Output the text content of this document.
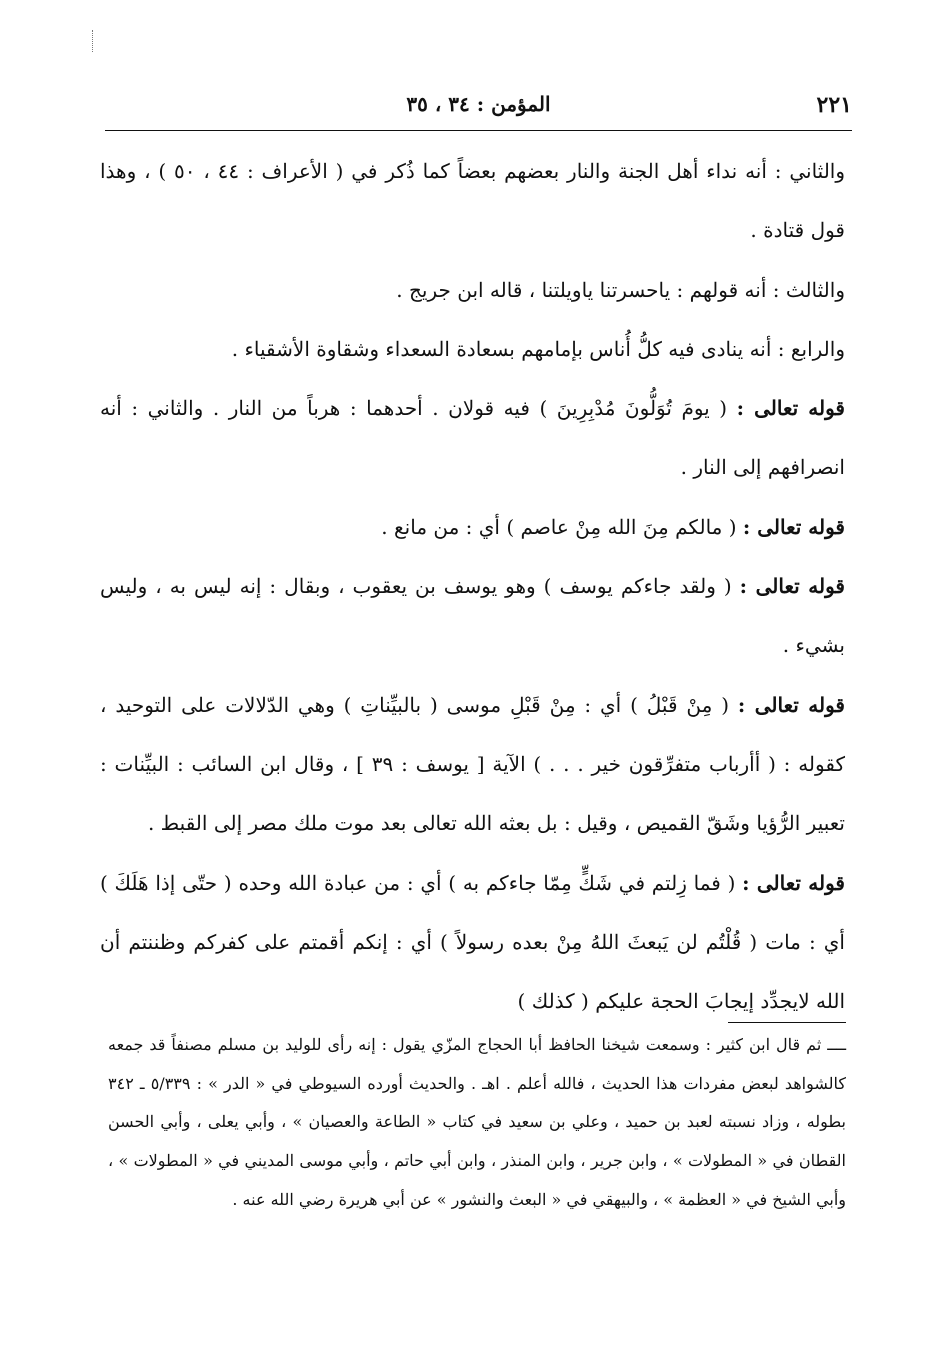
٢٢١
المؤمن : ٣٤ ، ٣٥

والثاني : أنه نداء أهل الجنة والنار بعضهم بعضاً كما ذُكر في ( الأعراف : ٤٤ ، ٥٠ ) ، وهذا قول قتادة .

والثالث : أنه قولهم : ياحسرتنا ياويلتنا ، قاله ابن جريج .

والرابع : أنه ينادى فيه كلُّ أُناس بإمامهم بسعادة السعداء وشقاوة الأشقياء .

قوله تعالى : ( يومَ تُوَلُّونَ مُدْبِرِينَ ) فيه قولان . أحدهما : هرباً من النار . والثاني : أنه انصرافهم إلى النار .

قوله تعالى : ( مالكم مِنَ الله مِنْ عاصم ) أي : من مانع .

قوله تعالى : ( ولقد جاءكم يوسف ) وهو يوسف بن يعقوب ، وبقال : إنه ليس به ، وليس بشيء .

قوله تعالى : ( مِنْ قَبْلُ ) أي : مِنْ قَبْلِ موسى ( بالبيِّناتِ ) وهي الدّلالات على التوحيد ، كقوله : ( أأرباب متفرِّقون خير . . . ) الآية [ يوسف : ٣٩ ] ، وقال ابن السائب : البيِّنات : تعبير الرُّؤيا وشَقّ القميص ، وقيل : بل بعثه الله تعالى بعد موت ملك مصر إلى القبط .

قوله تعالى : ( فما زِلتم في شَكٍّ مِمّا جاءكم به ) أي : من عبادة الله وحده ( حتّى إذا هَلَكَ ) أي : مات ( قُلْتُم لن يَبعثَ اللهُ مِنْ بعده رسولاً ) أي : إنكم أقمتم على كفركم وظننتم أن الله لايجدِّد إيجابَ الحجة عليكم ( كذلك )

ــــ ثم قال ابن كثير : وسمعت شيخنا الحافظ أبا الحجاج المزّي يقول : إنه رأى للوليد بن مسلم مصنفاً قد جمعه كالشواهد لبعض مفردات هذا الحديث ، فالله أعلم . اهـ . والحديث أورده السيوطي في « الدر » : ٥/٣٣٩ ـ ٣٤٢ بطوله ، وزاد نسبته لعبد بن حميد ، وعلي بن سعيد في كتاب « الطاعة والعصيان » ، وأبي يعلى ، وأبي الحسن القطان في « المطولات » ، وابن جرير ، وابن المنذر ، وابن أبي حاتم ، وأبي موسى المديني في « المطولات » ، وأبي الشيخ في « العظمة » ، والبيهقي في « البعث والنشور » عن أبي هريرة رضي الله عنه .
